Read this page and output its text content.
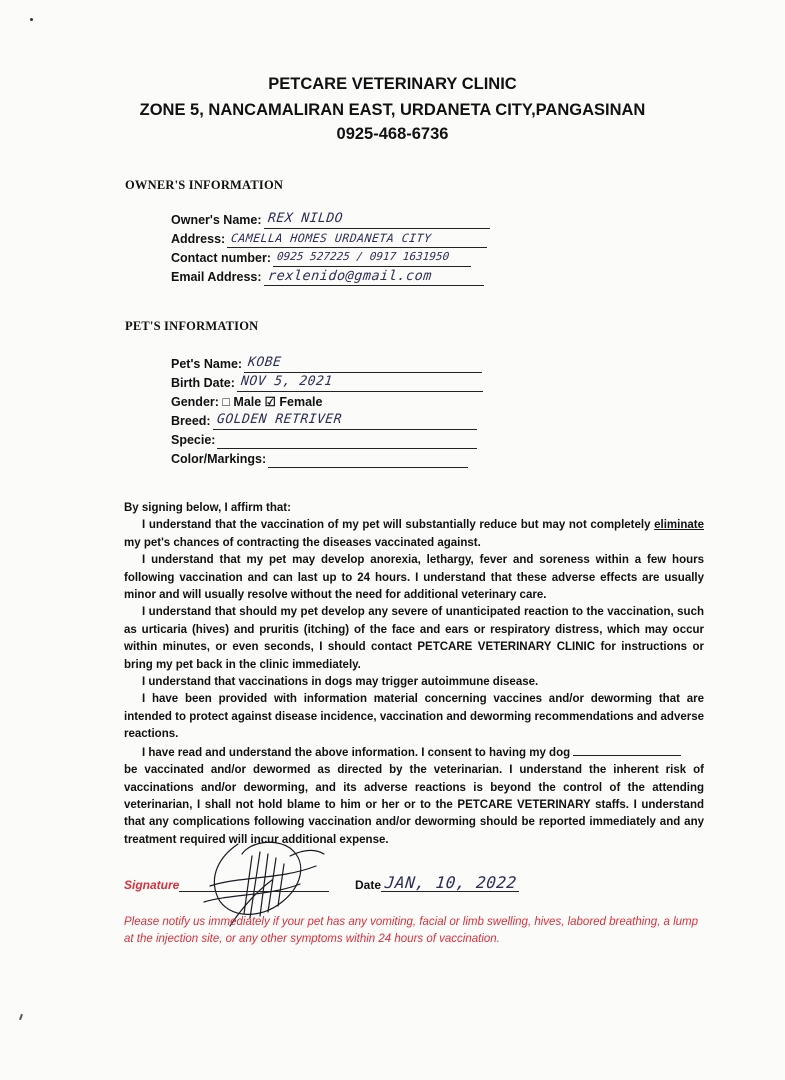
PETCARE VETERINARY CLINIC
ZONE 5, NANCAMALIRAN EAST, URDANETA CITY,PANGASINAN
0925-468-6736
OWNER'S INFORMATION
Owner's Name: REX NILDO
Address: CAMELLA HOMES URDANETA CITY
Contact number: 0925 527225 / 0917 1631950
Email Address: rexlenido@gmail.com
PET'S INFORMATION
Pet's Name: KOBE
Birth Date: NOV 5, 2021
Gender: □ Male ☑ Female
Breed: GOLDEN RETRIVER
Specie:
Color/Markings:

By signing below, I affirm that:

I understand that the vaccination of my pet will substantially reduce but may not completely eliminate my pet's chances of contracting the diseases vaccinated against.

I understand that my pet may develop anorexia, lethargy, fever and soreness within a few hours following vaccination and can last up to 24 hours. I understand that these adverse effects are usually minor and will usually resolve without the need for additional veterinary care.

I understand that should my pet develop any severe of unanticipated reaction to the vaccination, such as urticaria (hives) and pruritis (itching) of the face and ears or respiratory distress, which may occur within minutes, or even seconds, I should contact PETCARE VETERINARY CLINIC for instructions or bring my pet back in the clinic immediately.

I understand that vaccinations in dogs may trigger autoimmune disease.

I have been provided with information material concerning vaccines and/or deworming that are intended to protect against disease incidence, vaccination and deworming recommendations and adverse reactions.

I have read and understand the above information. I consent to having my dog

be vaccinated and/or dewormed as directed by the veterinarian. I understand the inherent risk of vaccinations and/or deworming, and its adverse reactions is beyond the control of the attending veterinarian, I shall not hold blame to him or her or to the PETCARE VETERINARY staffs. I understand that any complications following vaccination and/or deworming should be reported immediately and any treatment required will incur additional expense.

Signature	Date JAN, 10, 2022
Please notify us immediately if your pet has any vomiting, facial or limb swelling, hives, labored breathing, a lump at the injection site, or any other symptoms within 24 hours of vaccination.
